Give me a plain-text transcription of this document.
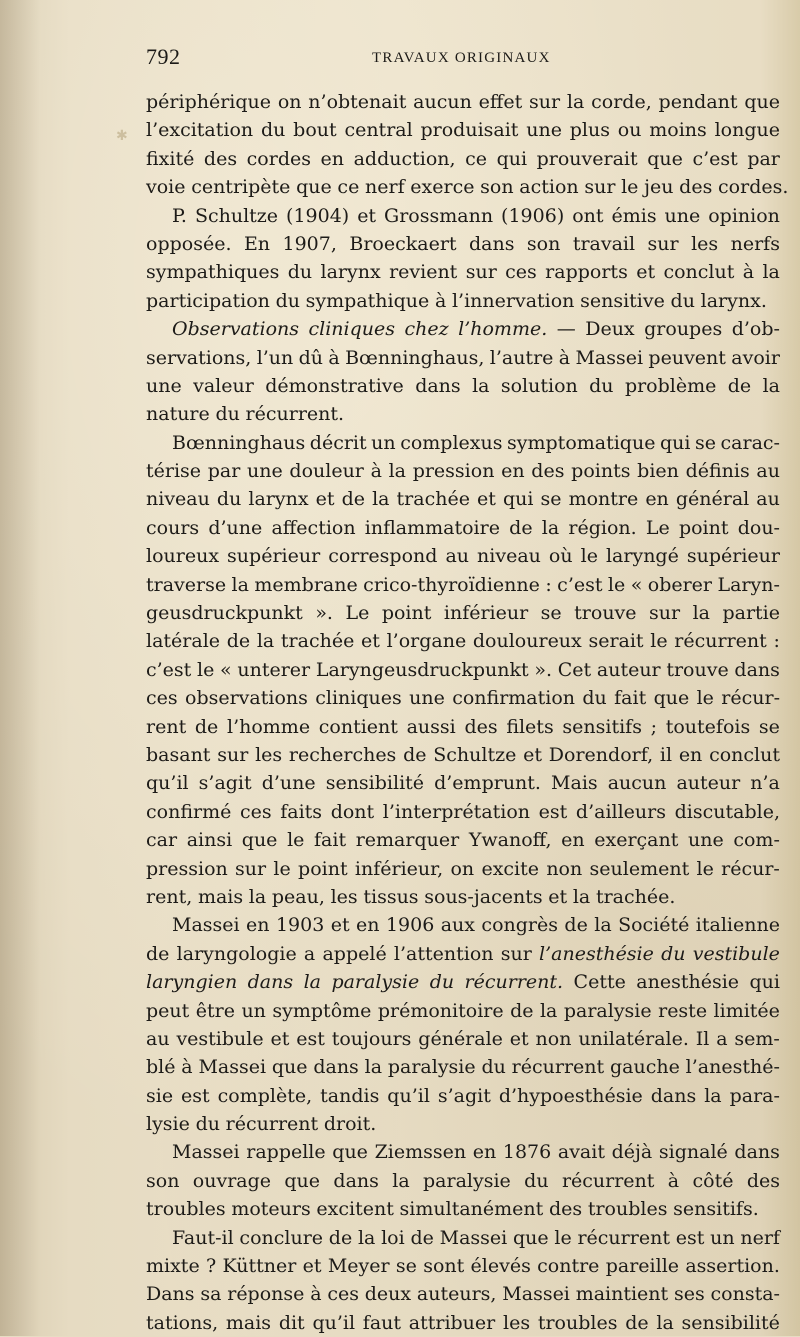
✱
792	TRAVAUX ORIGINAUX
périphérique on n’obtenait aucun effet sur la corde, pendant que
l’excitation du bout central produisait une plus ou moins longue
fixité des cordes en adduction, ce qui prouverait que c’est par
voie centripète que ce nerf exerce son action sur le jeu des cordes.
P. Schultze (1904) et Grossmann (1906) ont émis une opinion
opposée. En 1907, Broeckaert dans son travail sur les nerfs
sympathiques du larynx revient sur ces rapports et conclut à la
participation du sympathique à l’innervation sensitive du larynx.
Observations cliniques chez l’homme. — Deux groupes d’ob-
servations, l’un dû à Bœnninghaus, l’autre à Massei peuvent avoir
une valeur démonstrative dans la solution du problème de la
nature du récurrent.
Bœnninghaus décrit un complexus symptomatique qui se carac-
térise par une douleur à la pression en des points bien définis au
niveau du larynx et de la trachée et qui se montre en général au
cours d’une affection inflammatoire de la région. Le point dou-
loureux supérieur correspond au niveau où le laryngé supérieur
traverse la membrane crico-thyroïdienne : c’est le « oberer Laryn-
geusdruckpunkt ». Le point inférieur se trouve sur la partie
latérale de la trachée et l’organe douloureux serait le récurrent :
c’est le « unterer Laryngeusdruckpunkt ». Cet auteur trouve dans
ces observations cliniques une confirmation du fait que le récur-
rent de l’homme contient aussi des filets sensitifs ; toutefois se
basant sur les recherches de Schultze et Dorendorf, il en conclut
qu’il s’agit d’une sensibilité d’emprunt. Mais aucun auteur n’a
confirmé ces faits dont l’interprétation est d’ailleurs discutable,
car ainsi que le fait remarquer Ywanoff, en exerçant une com-
pression sur le point inférieur, on excite non seulement le récur-
rent, mais la peau, les tissus sous-jacents et la trachée.
Massei en 1903 et en 1906 aux congrès de la Société italienne
de laryngologie a appelé l’attention sur l’anesthésie du vestibule
laryngien dans la paralysie du récurrent. Cette anesthésie qui
peut être un symptôme prémonitoire de la paralysie reste limitée
au vestibule et est toujours générale et non unilatérale. Il a sem-
blé à Massei que dans la paralysie du récurrent gauche l’anesthé-
sie est complète, tandis qu’il s’agit d’hypoesthésie dans la para-
lysie du récurrent droit.
Massei rappelle que Ziemssen en 1876 avait déjà signalé dans
son ouvrage que dans la paralysie du récurrent à côté des
troubles moteurs excitent simultanément des troubles sensitifs.
Faut-il conclure de la loi de Massei que le récurrent est un nerf
mixte ? Küttner et Meyer se sont élevés contre pareille assertion.
Dans sa réponse à ces deux auteurs, Massei maintient ses consta-
tations, mais dit qu’il faut attribuer les troubles de la sensibilité
